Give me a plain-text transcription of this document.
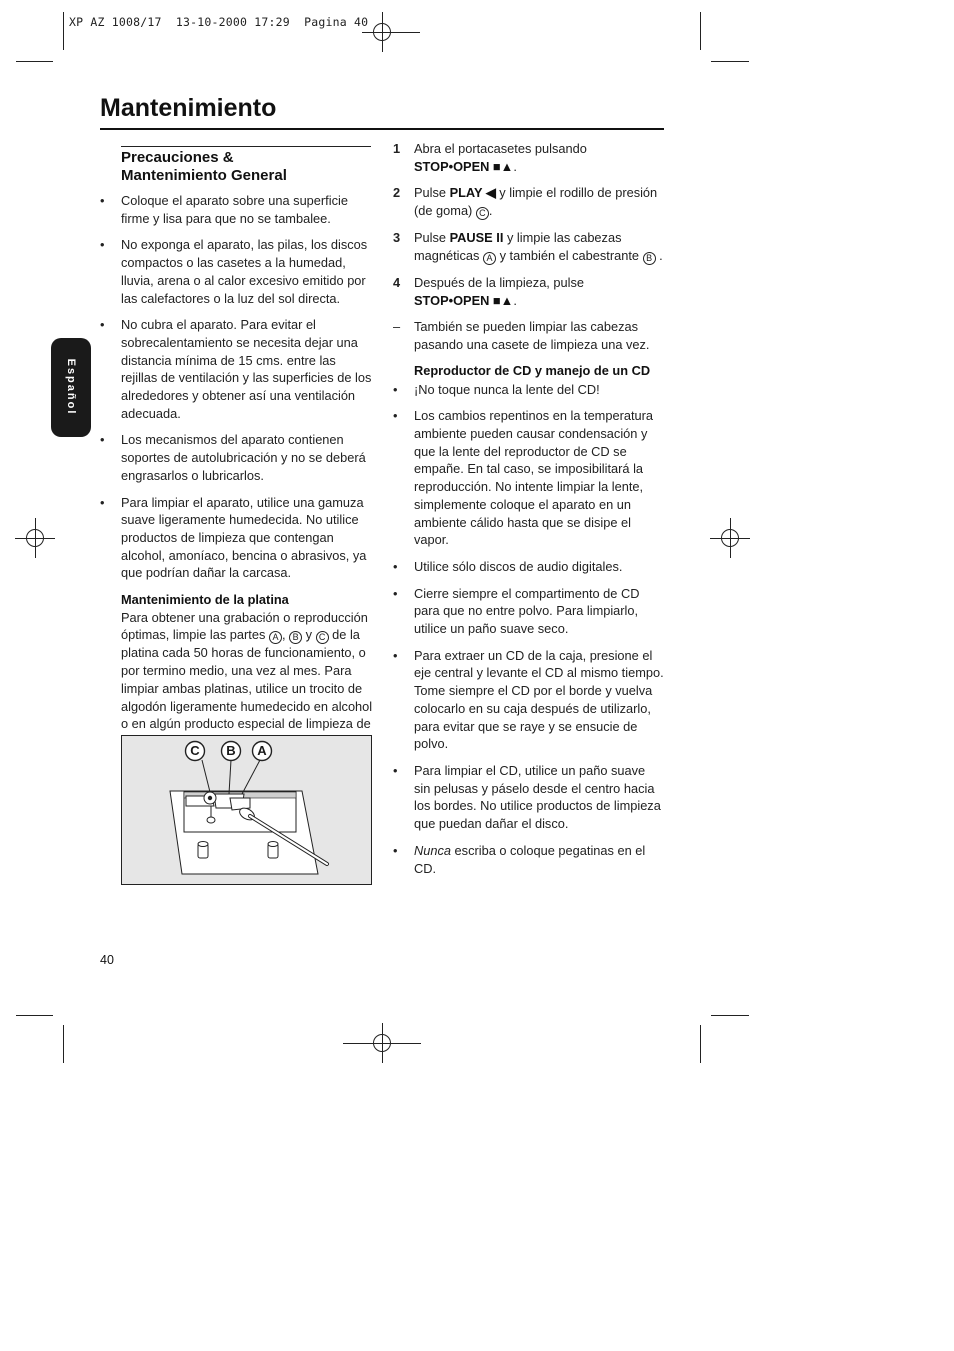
XP AZ 1008/17  13-10-2000 17:29  Pagina 40
Mantenimiento
Español
Precauciones &
Mantenimiento General
• Coloque el aparato sobre una superficie firme y lisa para que no se tambalee.
• No exponga el aparato, las pilas, los discos compactos o las casetes a la humedad, lluvia, arena o al calor excesivo emitido por las calefactores o la luz del sol directa.
• No cubra el aparato. Para evitar el sobrecalentamiento se necesita dejar una distancia mínima de 15 cms. entre las rejillas de ventilación y las superficies de los alrededores y obtener así una ventilación adecuada.
• Los mecanismos del aparato contienen soportes de autolubricación y no se deberá engrasarlos o lubricarlos.
• Para limpiar el aparato, utilice una gamuza suave ligeramente humedecida. No utilice productos de limpieza que contengan alcohol, amoníaco, bencina o abrasivos, ya que podrían dañar la carcasa.
Mantenimiento de la platina
Para obtener una grabación o reproducción óptimas, limpie las partes A , B y C de la platina cada 50 horas de funcionamiento, o por termino medio, una vez al mes. Para limpiar ambas platinas, utilice un trocito de algodón ligeramente humedecido en alcohol o en algún producto especial de limpieza de
C	B	A
1 Abra el portacasetes pulsando
STOP•OPEN ■▲.
2 Pulse PLAY ◀ y limpie el rodillo de presión (de goma) C .
3 Pulse PAUSE II y limpie las cabezas magnéticas A y también el cabestrante B .
4 Después de la limpieza, pulse
STOP•OPEN ■▲.
– También se pueden limpiar las cabezas pasando una casete de limpieza una vez.
Reproductor de CD y manejo de un CD
• ¡No toque nunca la lente del CD!
• Los cambios repentinos en la temperatura ambiente pueden causar condensación y que la lente del reproductor de CD se empañe. En tal caso, se imposibilitará la reproducción. No intente limpiar la lente, simplemente coloque el aparato en un ambiente cálido hasta que se disipe el vapor.
• Utilice sólo discos de audio digitales.
• Cierre siempre el compartimento de CD para que no entre polvo. Para limpiarlo, utilice un paño suave seco.
• Para extraer un CD de la caja, presione el eje central y levante el CD al mismo tiempo. Tome siempre el CD por el borde y vuelva colocarlo en su caja después de utilizarlo, para evitar que se raye y se ensucie de polvo.
• Para limpiar el CD, utilice un paño suave sin pelusas y páselo desde el centro hacia los bordes. No utilice productos de limpieza que puedan dañar el disco.
• Nunca escriba o coloque pegatinas en el CD.
40
